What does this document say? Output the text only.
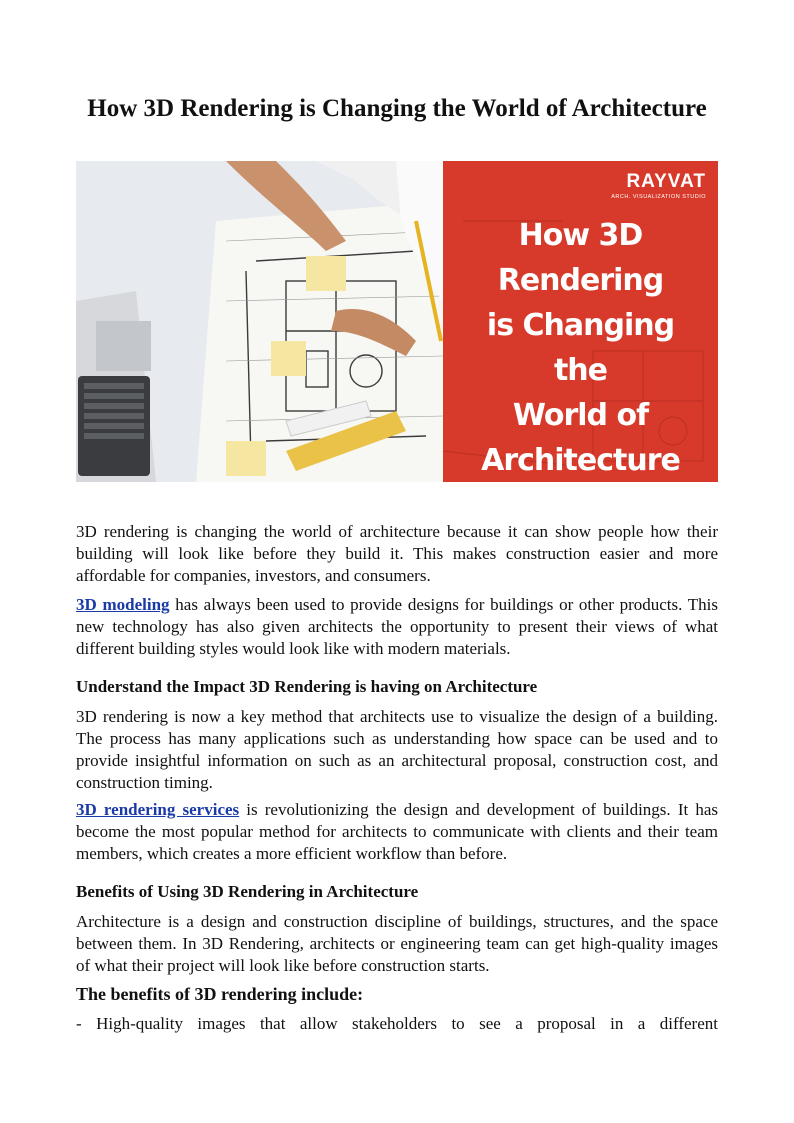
How 3D Rendering is Changing the World of Architecture
RAYVAT
ARCH. VISUALIZATION STUDIO
How 3D
Rendering
is Changing
the
World of
Architecture

3D rendering is changing the world of architecture because it can show people how their building will look like before they build it. This makes construction easier and more affordable for companies, investors, and consumers.

3D modeling has always been used to provide designs for buildings or other products. This new technology has also given architects the opportunity to present their views of what different building styles would look like with modern materials.

Understand the Impact 3D Rendering is having on Architecture

3D rendering is now a key method that architects use to visualize the design of a building. The process has many applications such as understanding how space can be used and to provide insightful information on such as an architectural proposal, construction cost, and construction timing.

3D rendering services is revolutionizing the design and development of buildings. It has become the most popular method for architects to communicate with clients and their team members, which creates a more efficient workflow than before.

Benefits of Using 3D Rendering in Architecture

Architecture is a design and construction discipline of buildings, structures, and the space between them. In 3D Rendering, architects or engineering team can get high-quality images of what their project will look like before construction starts.

The benefits of 3D rendering include:

- High-quality images that allow stakeholders to see a proposal in a different
